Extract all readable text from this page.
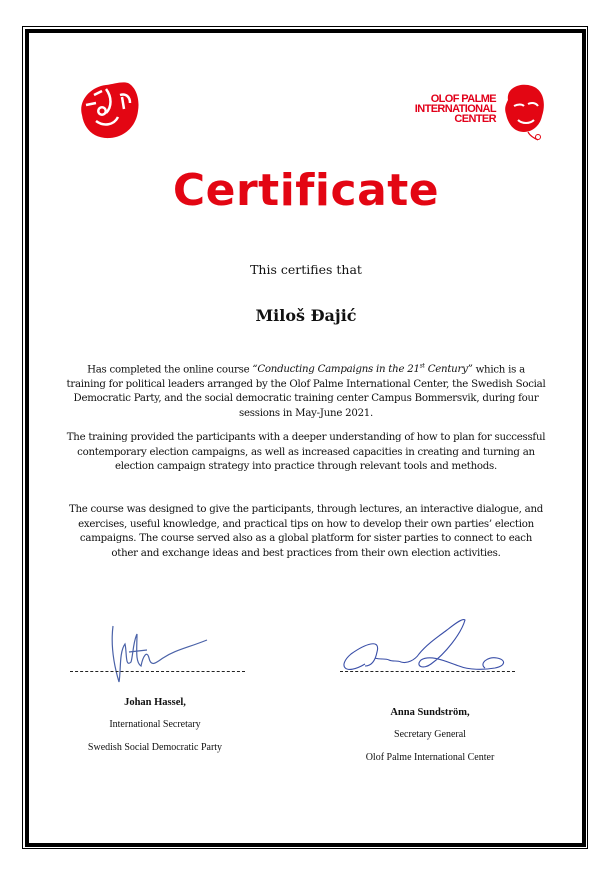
OLOF PALME
INTERNATIONAL
CENTER
Certificate
This certifies that
Miloš Đajić
Has completed the online course “Conducting Campaigns in the 21st Century” which is a training for political leaders arranged by the Olof Palme International Center, the Swedish Social Democratic Party, and the social democratic training center Campus Bommersvik, during four sessions in May-June 2021.
The training provided the participants with a deeper understanding of how to plan for successful contemporary election campaigns, as well as increased capacities in creating and turning an election campaign strategy into practice through relevant tools and methods.
The course was designed to give the participants, through lectures, an interactive dialogue, and exercises, useful knowledge, and practical tips on how to develop their own parties’ election campaigns. The course served also as a global platform for sister parties to connect to each other and exchange ideas and best practices from their own election activities.
Johan Hassel,
International Secretary
Swedish Social Democratic Party
Anna Sundström,
Secretary General
Olof Palme International Center
